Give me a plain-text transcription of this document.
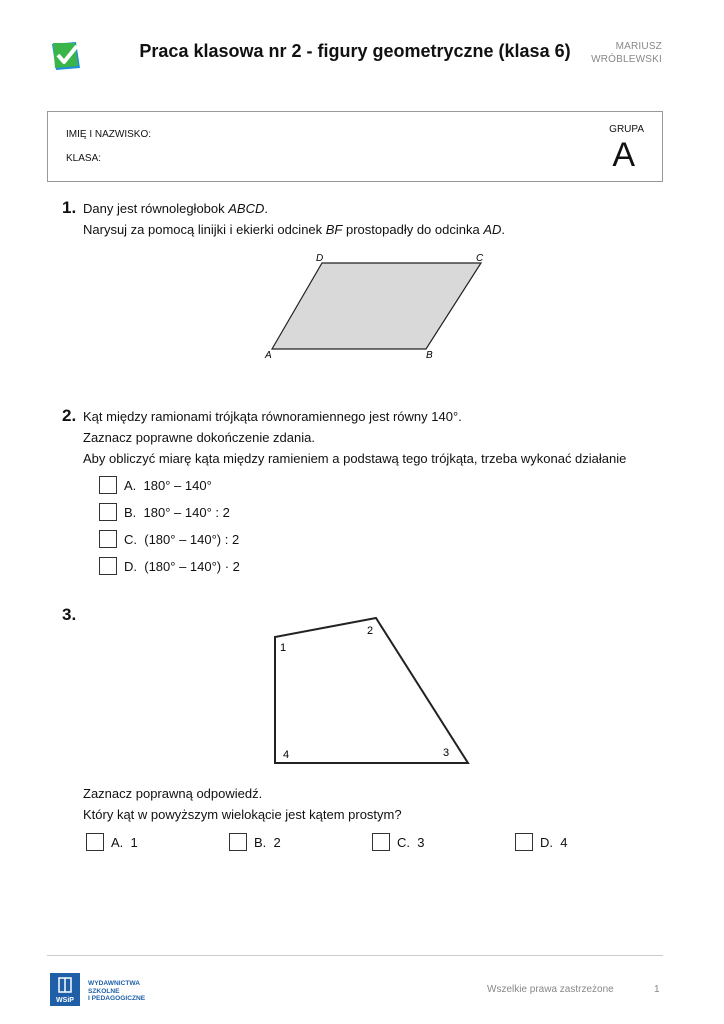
Praca klasowa nr 2 - figury geometryczne (klasa 6)	MARIUSZ
WRÓBLEWSKI
IMIĘ I NAZWISKO:
KLASA:
GRUPA
A
1. Dany jest równoległobok ABCD.
Narysuj za pomocą linijki i ekierki odcinek BF prostopadły do odcinka AD.
A	B
C
D
2. Kąt między ramionami trójkąta równoramiennego jest równy 140°.
Zaznacz poprawne dokończenie zdania.
Aby obliczyć miarę kąta między ramieniem a podstawą tego trójkąta, trzeba wykonać działanie
A.
180° – 140°
B.
180° – 140° : 2
C.
(180° – 140°) : 2
D.
(180° – 140°) · 2
3.
1
2
3
4
Zaznacz poprawną odpowiedź.
Który kąt w powyższym wielokącie jest kątem prostym?
A.
1	B.
2	C.
3	D.
4
WSiP
WYDAWNICTWA
SZKOLNE
I PEDAGOGICZNE
Wszelkie prawa zastrzeżone	1
